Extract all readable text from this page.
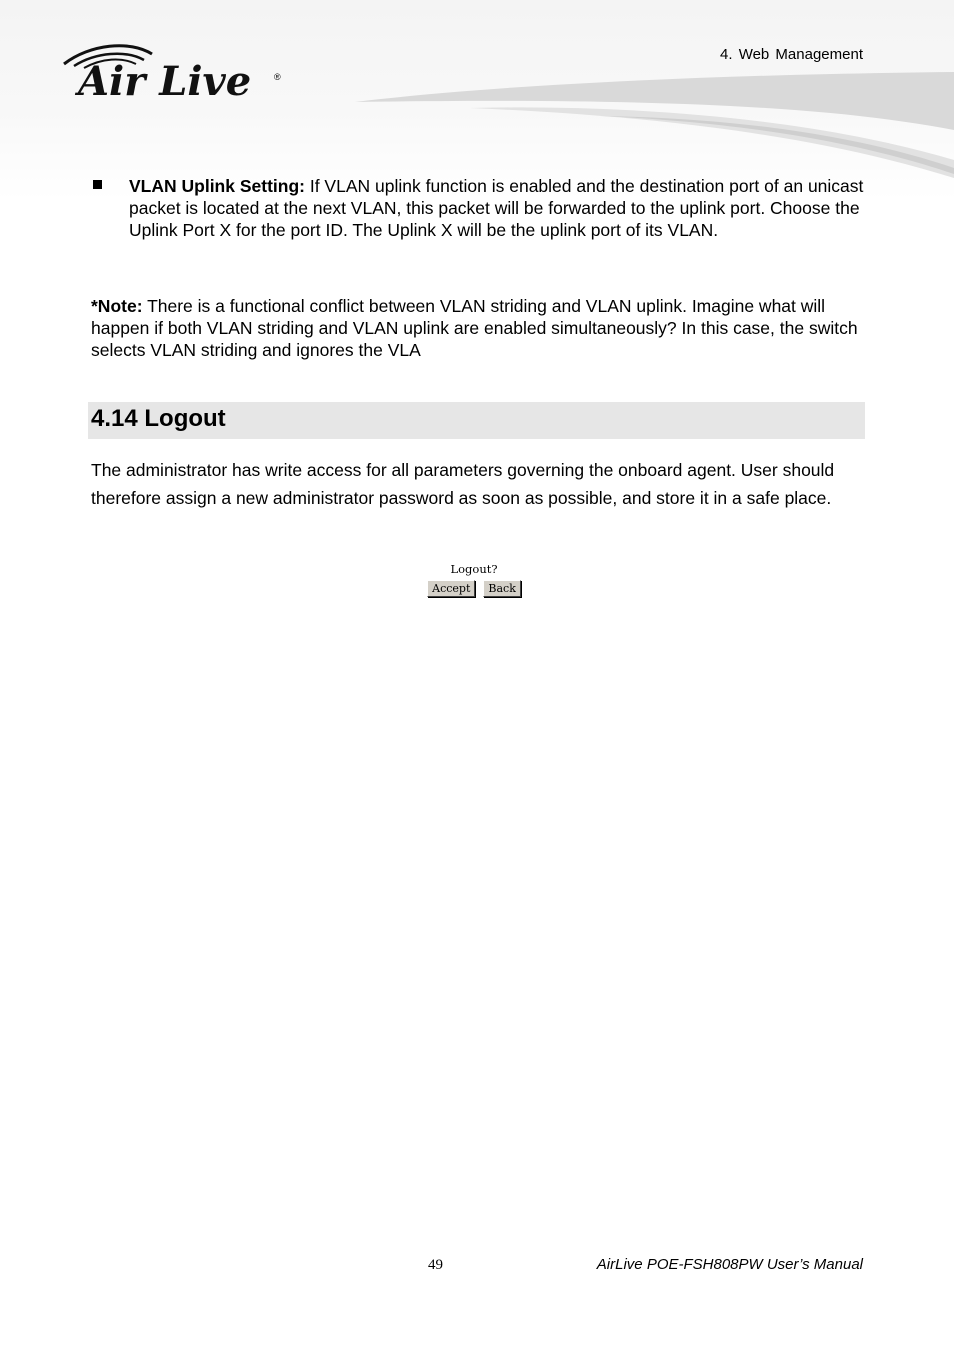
Air Live	®
4. Web Management

VLAN Uplink Setting: If VLAN uplink function is enabled and the destination port of an unicast packet is located at the next VLAN, this packet will be forwarded to the uplink port. Choose the Uplink Port X for the port ID. The Uplink X will be the uplink port of its VLAN.

*Note: There is a functional conflict between VLAN striding and VLAN uplink. Imagine what will happen if both VLAN striding and VLAN uplink are enabled simultaneously? In this case, the switch selects VLAN striding and ignores the VLA

4.14 Logout

The administrator has write access for all parameters governing the onboard agent. User should therefore assign a new administrator password as soon as possible, and store it in a safe place.

Logout?
Accept	Back
49	AirLive POE-FSH808PW User’s Manual
